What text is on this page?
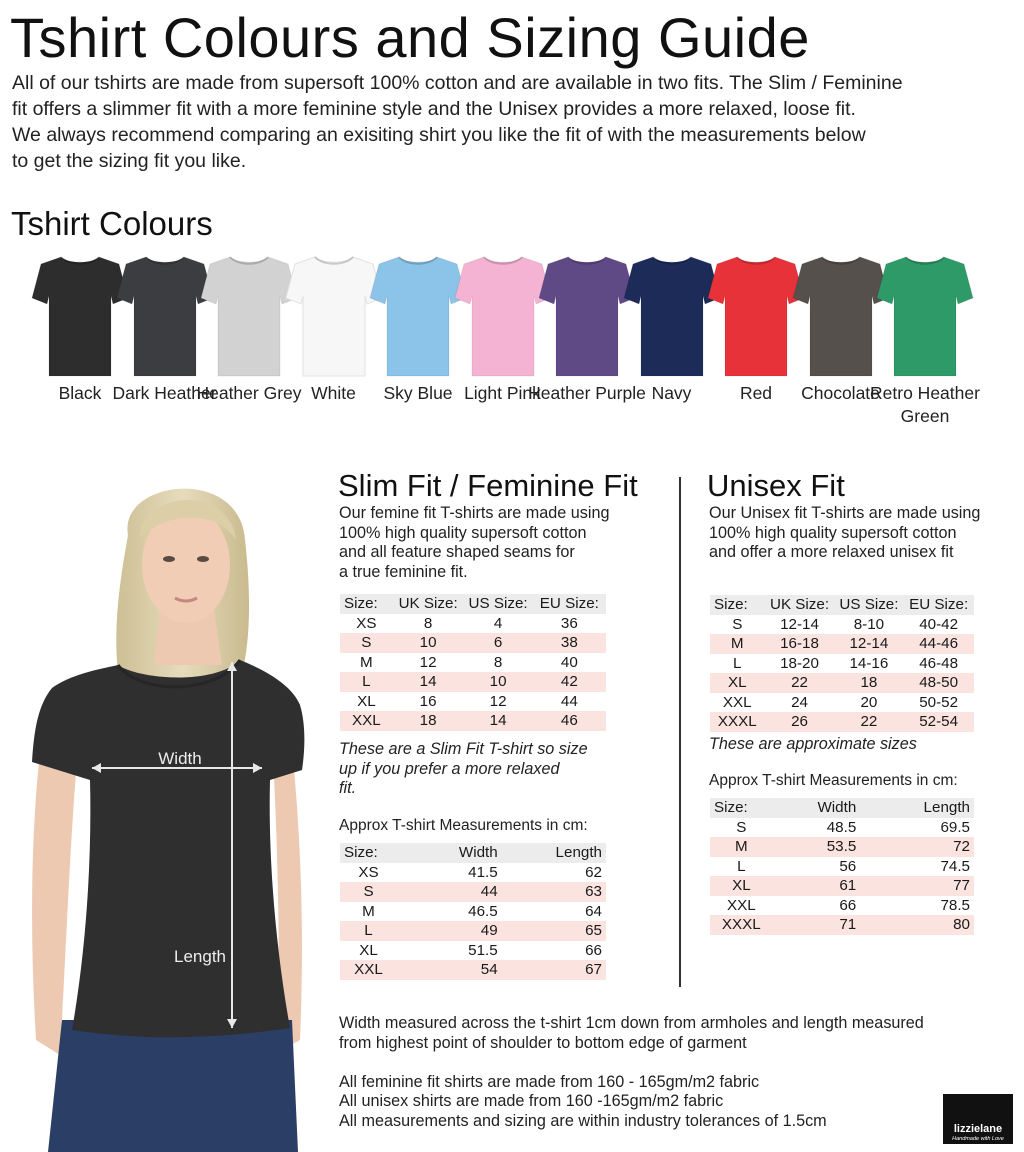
Tshirt Colours and Sizing Guide

All of our tshirts are made from supersoft 100% cotton and are available in two fits. The Slim / Feminine

fit offers a slimmer fit with a more feminine style and the Unisex provides a more relaxed, loose fit.

We always recommend comparing an exisiting shirt you like the fit of with the measurements below

to get the sizing fit you like.

Tshirt Colours
Black Dark Heather
Heather Grey White	Sky Blue Light Pink
Heather Purple Navy	Red	Chocolate
Retro Heather Green
Width
Length
Slim Fit / Feminine Fit

Our femine fit T-shirts are made using

100% high quality supersoft cotton

and all feature shaped seams for

a true feminine fit.

Size:	UK Size:	US Size:	EU Size:
XS	8	4	36
S	10	6	38
M	12	8	40
L	14	10	42
XL	16	12	44
XXL	18	14	46

These are a Slim Fit T-shirt so size

up if you prefer a more relaxed

fit.

Approx T-shirt Measurements in cm:
Size:	Width	Length
XS	41.5	62
S	44	63
M	46.5	64
L	49	65
XL	51.5	66
XXL	54	67
Unisex Fit

Our Unisex fit T-shirts are made using

100% high quality supersoft cotton

and offer a more relaxed unisex fit

Size:	UK Size:	US Size:	EU Size:
S	12-14	8-10	40-42
M	16-18	12-14	44-46
L	18-20	14-16	46-48
XL	22	18	48-50
XXL	24	20	50-52
XXXL	26	22	52-54

These are approximate sizes

Approx T-shirt Measurements in cm:
Size:	Width	Length
S	48.5	69.5
M	53.5	72
L	56	74.5
XL	61	77
XXL	66	78.5
XXXL	71	80

Width measured across the t-shirt 1cm down from armholes and length measured

from highest point of shoulder to bottom edge of garment

All feminine fit shirts are made from 160 - 165gm/m2 fabric

All unisex shirts are made from 160 -165gm/m2 fabric

All measurements and sizing are within industry tolerances of 1.5cm	lizzielane
Handmade with Love
